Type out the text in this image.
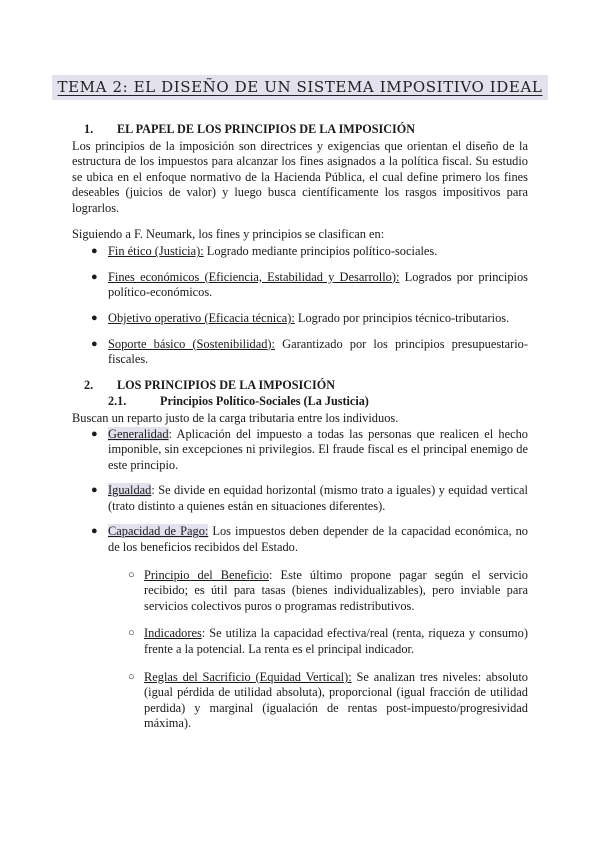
TEMA 2: EL DISEÑO DE UN SISTEMA IMPOSITIVO IDEAL
1.	EL PAPEL DE LOS PRINCIPIOS DE LA IMPOSICIÓN

Los principios de la imposición son directrices y exigencias que orientan el diseño de la estructura de los impuestos para alcanzar los fines asignados a la política fiscal. Su estudio se ubica en el enfoque normativo de la Hacienda Pública, el cual define primero los fines deseables (juicios de valor) y luego busca científicamente los rasgos impositivos para lograrlos.

Siguiendo a F. Neumark, los fines y principios se clasifican en:

● Fin ético (Justicia): Logrado mediante principios político-sociales.
● Fines económicos (Eficiencia, Estabilidad y Desarrollo): Logrados por principios político-económicos.
● Objetivo operativo (Eficacia técnica): Logrado por principios técnico-tributarios.
● Soporte básico (Sostenibilidad): Garantizado por los principios presupuestario-fiscales.
2.	LOS PRINCIPIOS DE LA IMPOSICIÓN
2.1.	Principios Político-Sociales (La Justicia)

Buscan un reparto justo de la carga tributaria entre los individuos.

● Generalidad: Aplicación del impuesto a todas las personas que realicen el hecho imponible, sin excepciones ni privilegios. El fraude fiscal es el principal enemigo de este principio.
● Igualdad: Se divide en equidad horizontal (mismo trato a iguales) y equidad vertical (trato distinto a quienes están en situaciones diferentes).
● Capacidad de Pago: Los impuestos deben depender de la capacidad económica, no de los beneficios recibidos del Estado.
○ Principio del Beneficio: Este último propone pagar según el servicio recibido; es útil para tasas (bienes individualizables), pero inviable para servicios colectivos puros o programas redistributivos.
○ Indicadores: Se utiliza la capacidad efectiva/real (renta, riqueza y consumo) frente a la potencial. La renta es el principal indicador.
○ Reglas del Sacrificio (Equidad Vertical): Se analizan tres niveles: absoluto (igual pérdida de utilidad absoluta), proporcional (igual fracción de utilidad perdida) y marginal (igualación de rentas post-impuesto/progresividad máxima).
